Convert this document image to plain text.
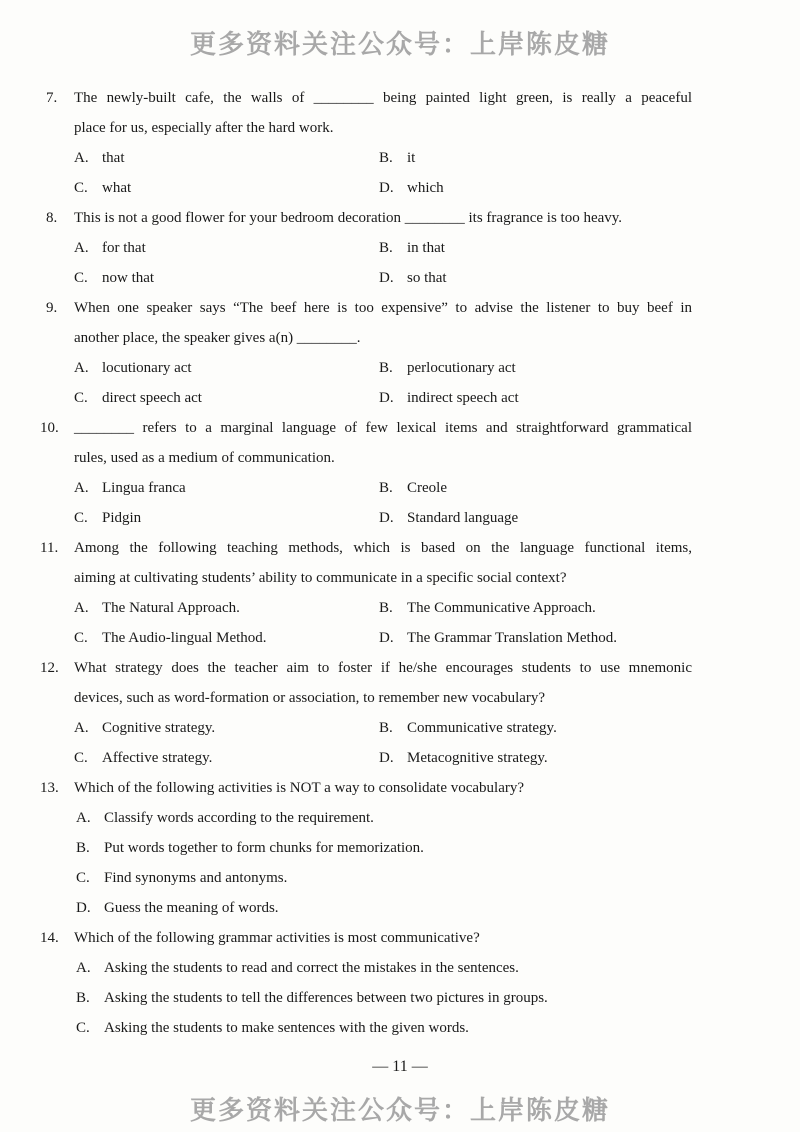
更多资料关注公众号：上岸陈皮糖
7. The newly-built cafe, the walls of ________ being painted light green, is really a peaceful
place for us, especially after the hard work.
A. that	B. it
C. what	D. which
8. This is not a good flower for your bedroom decoration ________ its fragrance is too heavy.
A. for that	B. in that
C. now that	D. so that
9. When one speaker says “The beef here is too expensive” to advise the listener to buy beef in
another place, the speaker gives a(n) ________.
A. locutionary act	B. perlocutionary act
C. direct speech act	D. indirect speech act
10. ________ refers to a marginal language of few lexical items and straightforward grammatical
rules, used as a medium of communication.
A. Lingua franca	B. Creole
C. Pidgin	D. Standard language
11. Among the following teaching methods, which is based on the language functional items,
aiming at cultivating students’ ability to communicate in a specific social context?
A. The Natural Approach.	B. The Communicative Approach.
C. The Audio-lingual Method.	D. The Grammar Translation Method.
12. What strategy does the teacher aim to foster if he/she encourages students to use mnemonic
devices, such as word-formation or association, to remember new vocabulary?
A. Cognitive strategy.	B. Communicative strategy.
C. Affective strategy.	D. Metacognitive strategy.
13. Which of the following activities is NOT a way to consolidate vocabulary?
A. Classify words according to the requirement.
B. Put words together to form chunks for memorization.
C. Find synonyms and antonyms.
D. Guess the meaning of words.
14. Which of the following grammar activities is most communicative?
A. Asking the students to read and correct the mistakes in the sentences.
B. Asking the students to tell the differences between two pictures in groups.
C. Asking the students to make sentences with the given words.
— 11 —
更多资料关注公众号：上岸陈皮糖
